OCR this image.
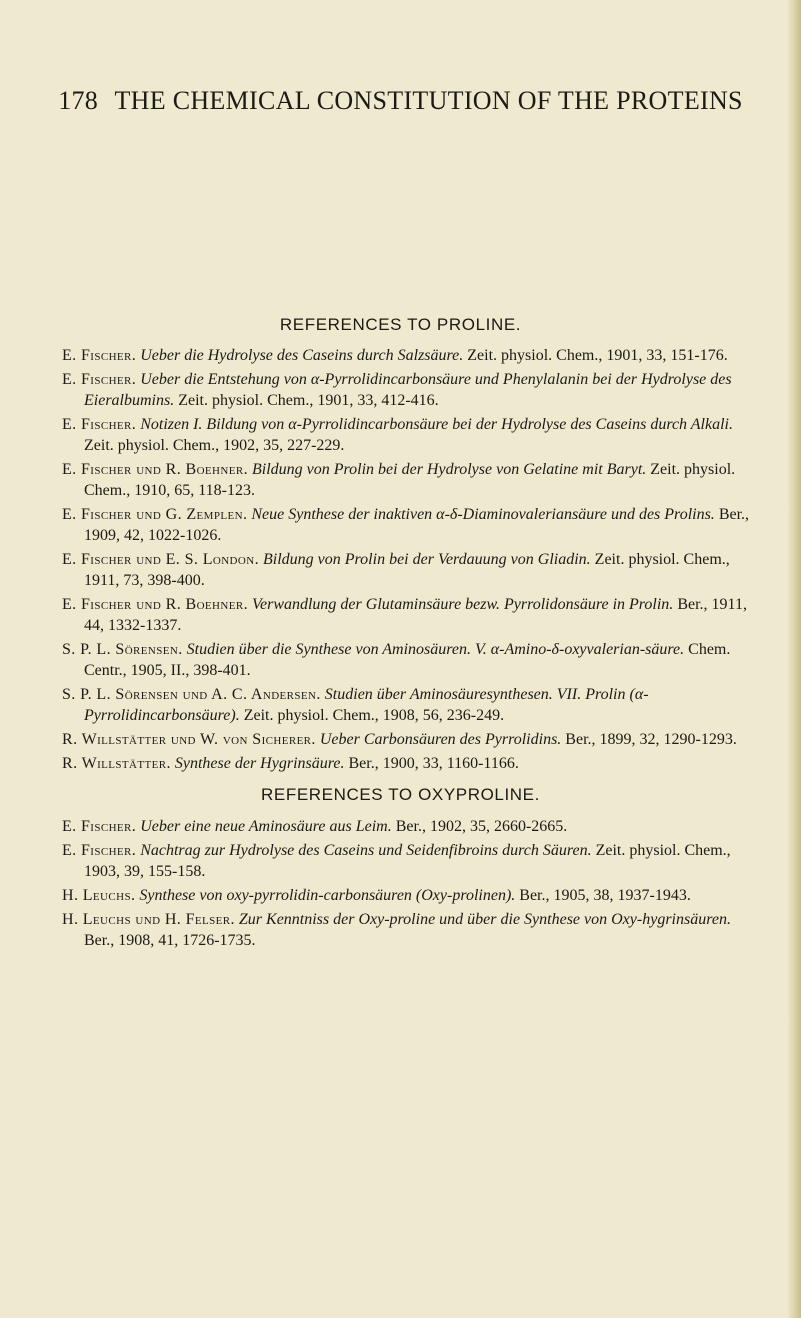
178 THE CHEMICAL CONSTITUTION OF THE PROTEINS
REFERENCES TO PROLINE.

E. Fischer. Ueber die Hydrolyse des Caseins durch Salzsäure. Zeit. physiol. Chem., 1901, 33, 151-176.

E. Fischer. Ueber die Entstehung von α-Pyrrolidincarbonsäure und Phenylalanin bei der Hydrolyse des Eieralbumins. Zeit. physiol. Chem., 1901, 33, 412-416.

E. Fischer. Notizen I. Bildung von α-Pyrrolidincarbonsäure bei der Hydrolyse des Caseins durch Alkali. Zeit. physiol. Chem., 1902, 35, 227-229.

E. Fischer und R. Boehner. Bildung von Prolin bei der Hydrolyse von Gelatine mit Baryt. Zeit. physiol. Chem., 1910, 65, 118-123.

E. Fischer und G. Zemplen. Neue Synthese der inaktiven α-δ-Diaminovaleriansäure und des Prolins. Ber., 1909, 42, 1022-1026.

E. Fischer und E. S. London. Bildung von Prolin bei der Verdauung von Gliadin. Zeit. physiol. Chem., 1911, 73, 398-400.

E. Fischer und R. Boehner. Verwandlung der Glutaminsäure bezw. Pyrrolidonsäure in Prolin. Ber., 1911, 44, 1332-1337.

S. P. L. Sörensen. Studien über die Synthese von Aminosäuren. V. α-Amino-δ-oxyvalerian-säure. Chem. Centr., 1905, II., 398-401.

S. P. L. Sörensen und A. C. Andersen. Studien über Aminosäuresynthesen. VII. Prolin (α-Pyrrolidincarbonsäure). Zeit. physiol. Chem., 1908, 56, 236-249.

R. Willstätter und W. von Sicherer. Ueber Carbonsäuren des Pyrrolidins. Ber., 1899, 32, 1290-1293.

R. Willstätter. Synthese der Hygrinsäure. Ber., 1900, 33, 1160-1166.

REFERENCES TO OXYPROLINE.

E. Fischer. Ueber eine neue Aminosäure aus Leim. Ber., 1902, 35, 2660-2665.

E. Fischer. Nachtrag zur Hydrolyse des Caseins und Seidenfibroins durch Säuren. Zeit. physiol. Chem., 1903, 39, 155-158.

H. Leuchs. Synthese von oxy-pyrrolidin-carbonsäuren (Oxy-prolinen). Ber., 1905, 38, 1937-1943.

H. Leuchs und H. Felser. Zur Kenntniss der Oxy-proline und über die Synthese von Oxy-hygrinsäuren. Ber., 1908, 41, 1726-1735.
